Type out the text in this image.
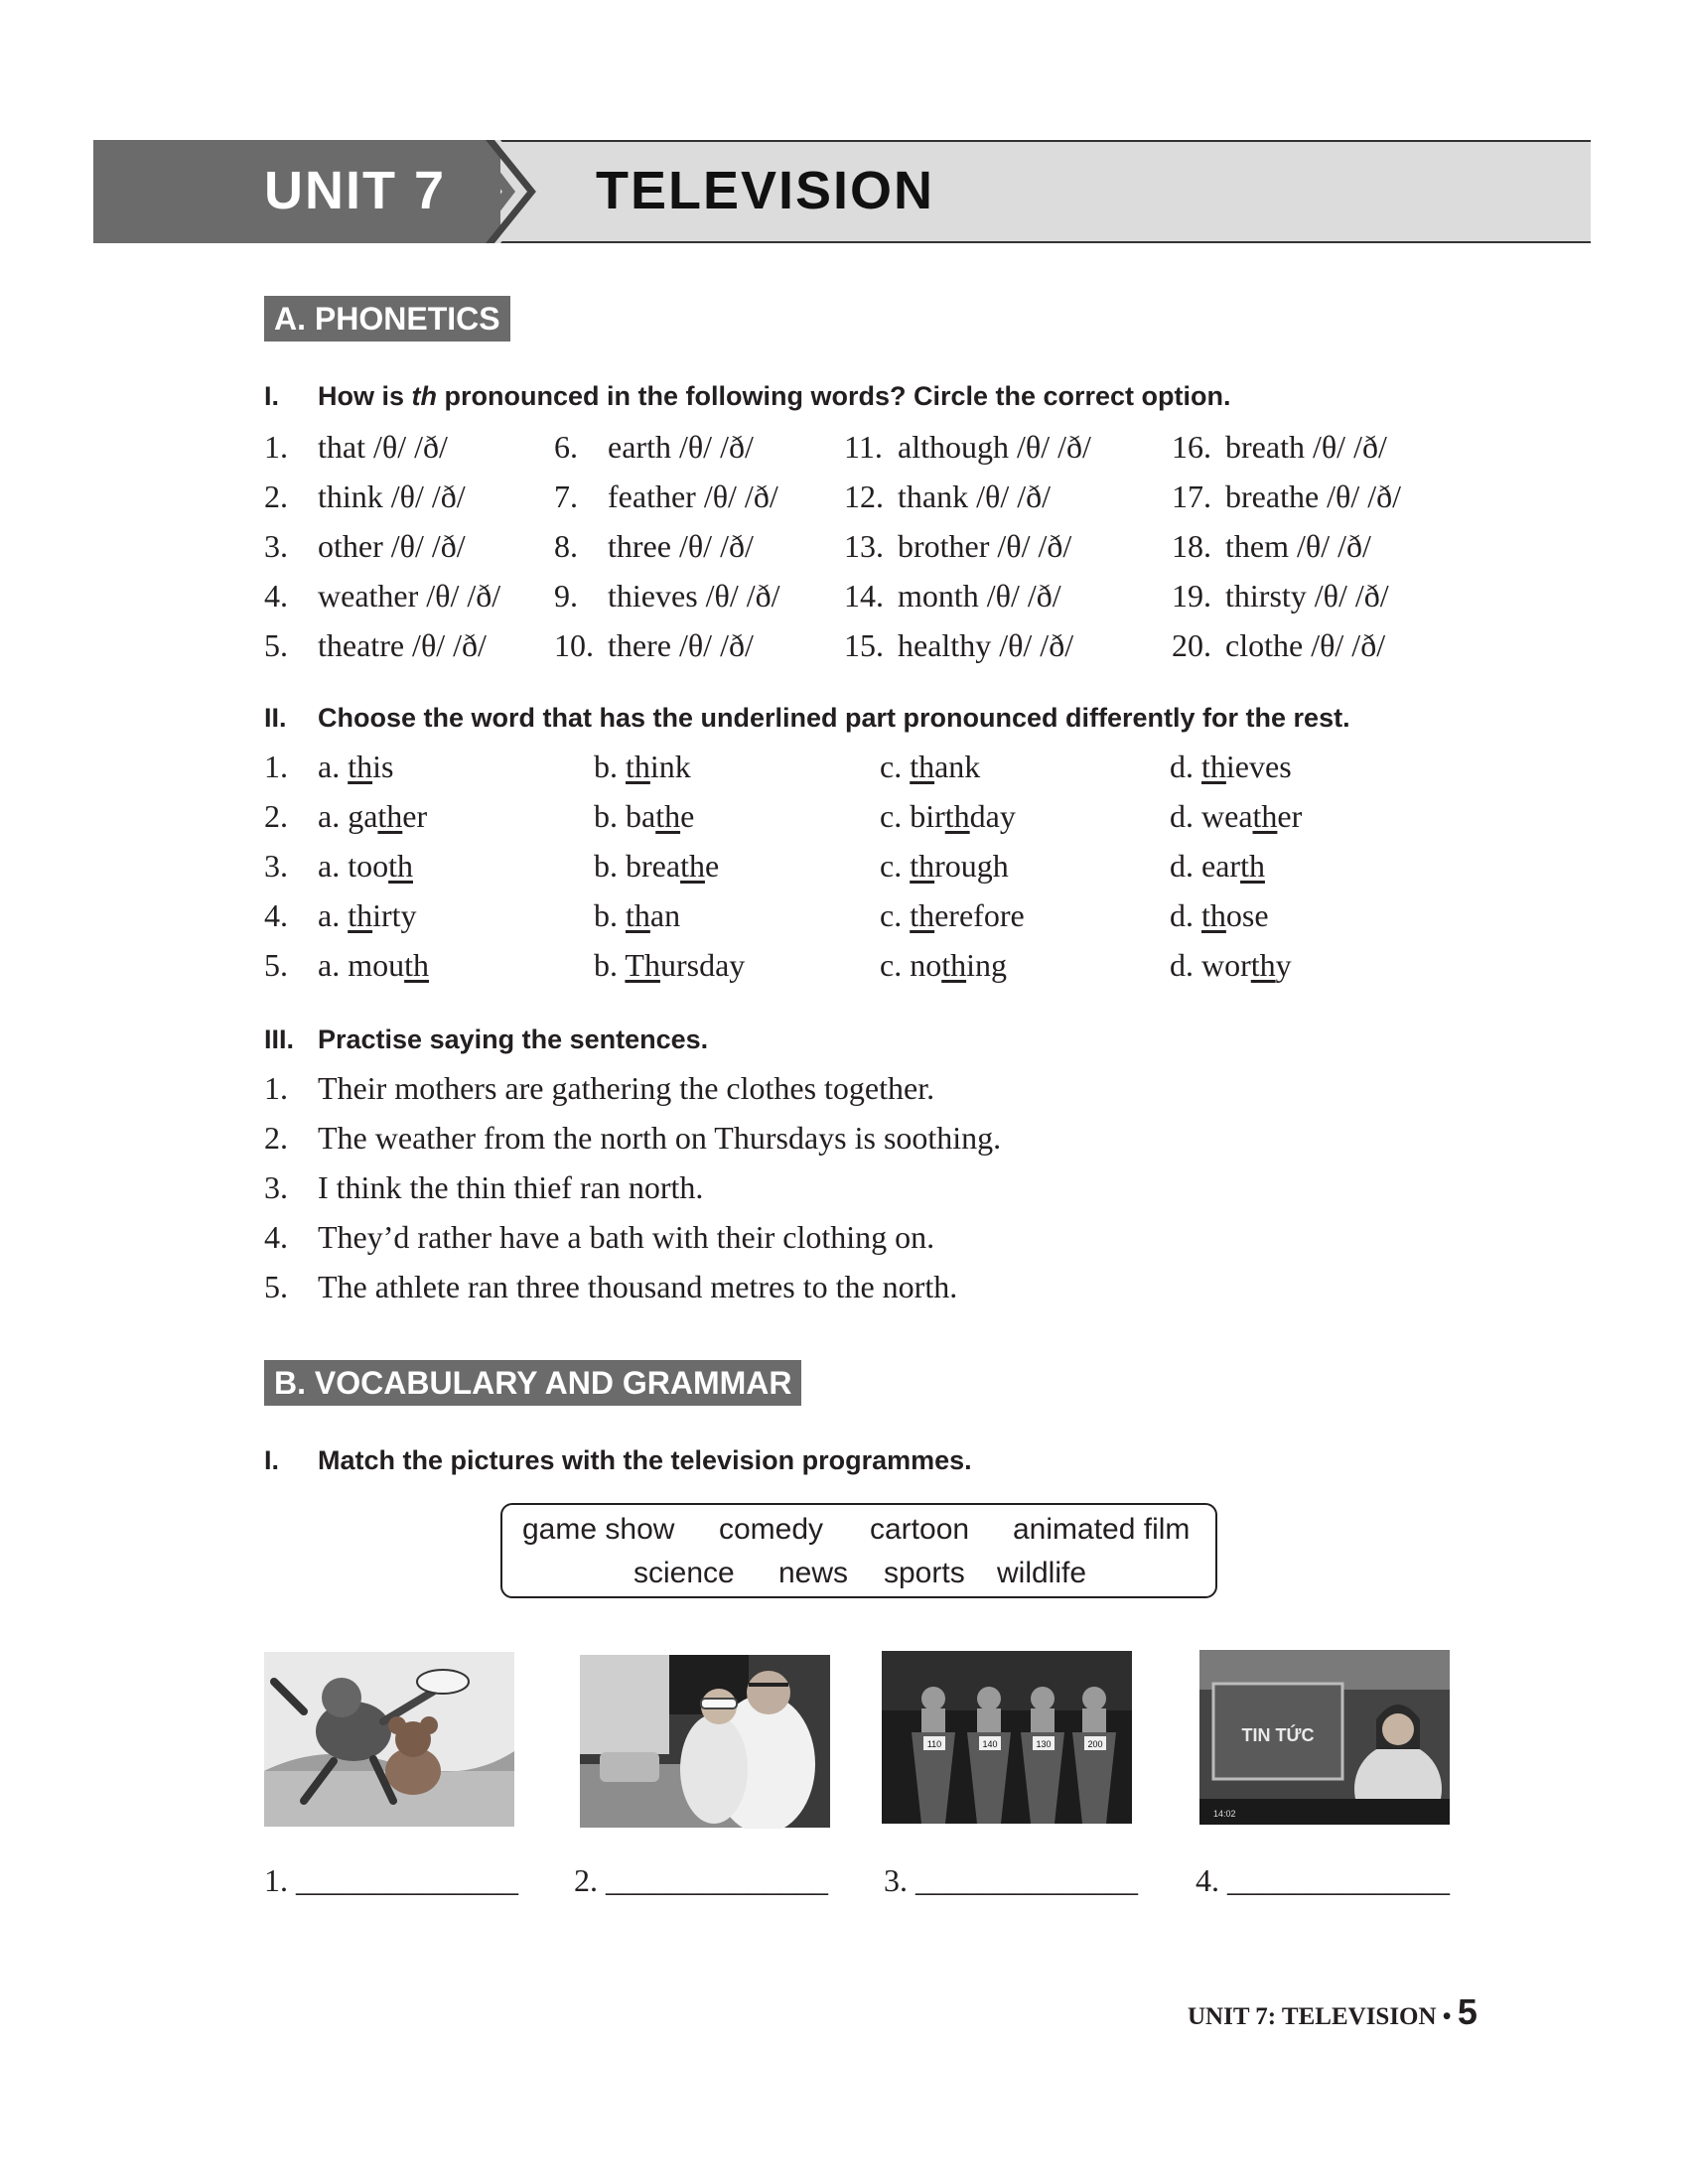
UNIT 7	TELEVISION
A. PHONETICS
I. How is th pronounced in the following words? Circle the correct option.
1. that /θ/ /ð/
2. think /θ/ /ð/
3. other /θ/ /ð/
4. weather /θ/ /ð/
5. theatre /θ/ /ð/
6. earth /θ/ /ð/
7. feather /θ/ /ð/
8. three /θ/ /ð/
9. thieves /θ/ /ð/
10. there /θ/ /ð/
11. although /θ/ /ð/
12. thank /θ/ /ð/
13. brother /θ/ /ð/
14. month /θ/ /ð/
15. healthy /θ/ /ð/
16. breath /θ/ /ð/
17. breathe /θ/ /ð/
18. them /θ/ /ð/
19. thirsty /θ/ /ð/
20. clothe /θ/ /ð/
II. Choose the word that has the underlined part pronounced differently for the rest.
1. a. this	b. think	c. thank	d. thieves
2. a. gather	b. bathe	c. birthday	d. weather
3. a. tooth	b. breathe	c. through	d. earth
4. a. thirty	b. than	c. therefore	d. those
5. a. mouth	b. Thursday	c. nothing	d. worthy
III. Practise saying the sentences.
1. Their mothers are gathering the clothes together.
2. The weather from the north on Thursdays is soothing.
3. I think the thin thief ran north.
4. They’d rather have a bath with their clothing on.
5. The athlete ran three thousand metres to the north.
B. VOCABULARY AND GRAMMAR
I. Match the pictures with the television programmes.
game show comedy cartoon animated film
science news sports wildlife
110	140	130	200	TIN TỨC
14:02
1. ______________ 2. ______________ 3. ______________ 4. ______________
UNIT 7: TELEVISION • 5
